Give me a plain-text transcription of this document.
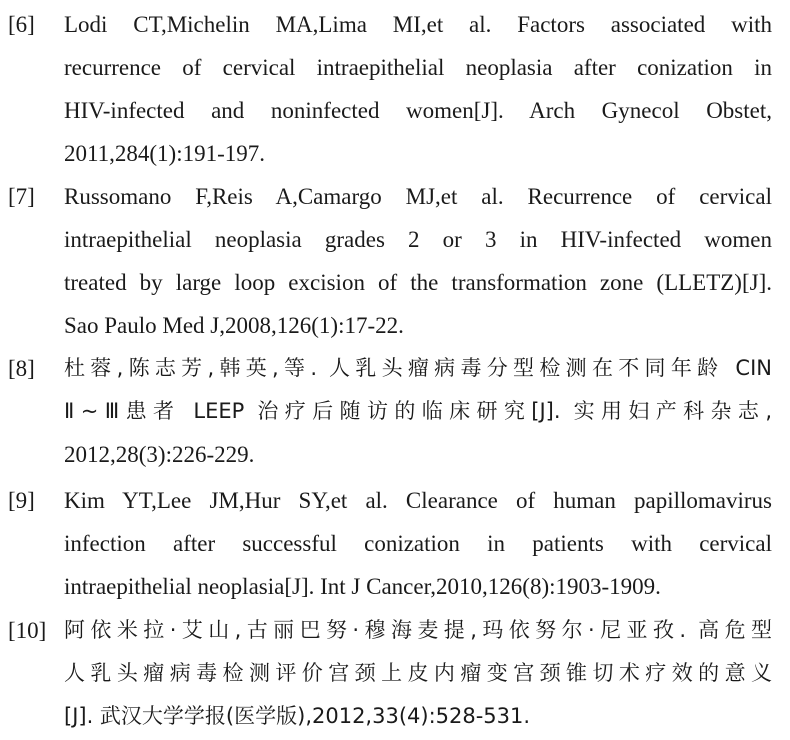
[6] Lodi CT,Michelin MA,Lima MI,et al. Factors associated with
recurrence of cervical intraepithelial neoplasia after conization in
HIV-infected and noninfected women[J]. Arch Gynecol Obstet,
2011,284(1):191-197.
[7] Russomano F,Reis A,Camargo MJ,et al. Recurrence of cervical
intraepithelial neoplasia grades 2 or 3 in HIV-infected women
treated by large loop excision of the transformation zone (LLETZ)[J].
Sao Paulo Med J,2008,126(1):17-22.
[8] 杜蓉,陈志芳,韩英,等. 人乳头瘤病毒分型检测在不同年龄 CIN
Ⅱ~Ⅲ患者 LEEP 治疗后随访的临床研究[J]. 实用妇产科杂志,
2012,28(3):226-229.
[9] Kim YT,Lee JM,Hur SY,et al. Clearance of human papillomavirus
infection after successful conization in patients with cervical
intraepithelial neoplasia[J]. Int J Cancer,2010,126(8):1903-1909.
[10] 阿依米拉·艾山,古丽巴努·穆海麦提,玛依努尔·尼亚孜. 高危型
人乳头瘤病毒检测评价宫颈上皮内瘤变宫颈锥切术疗效的意义
[J]. 武汉大学学报(医学版),2012,33(4):528-531.
